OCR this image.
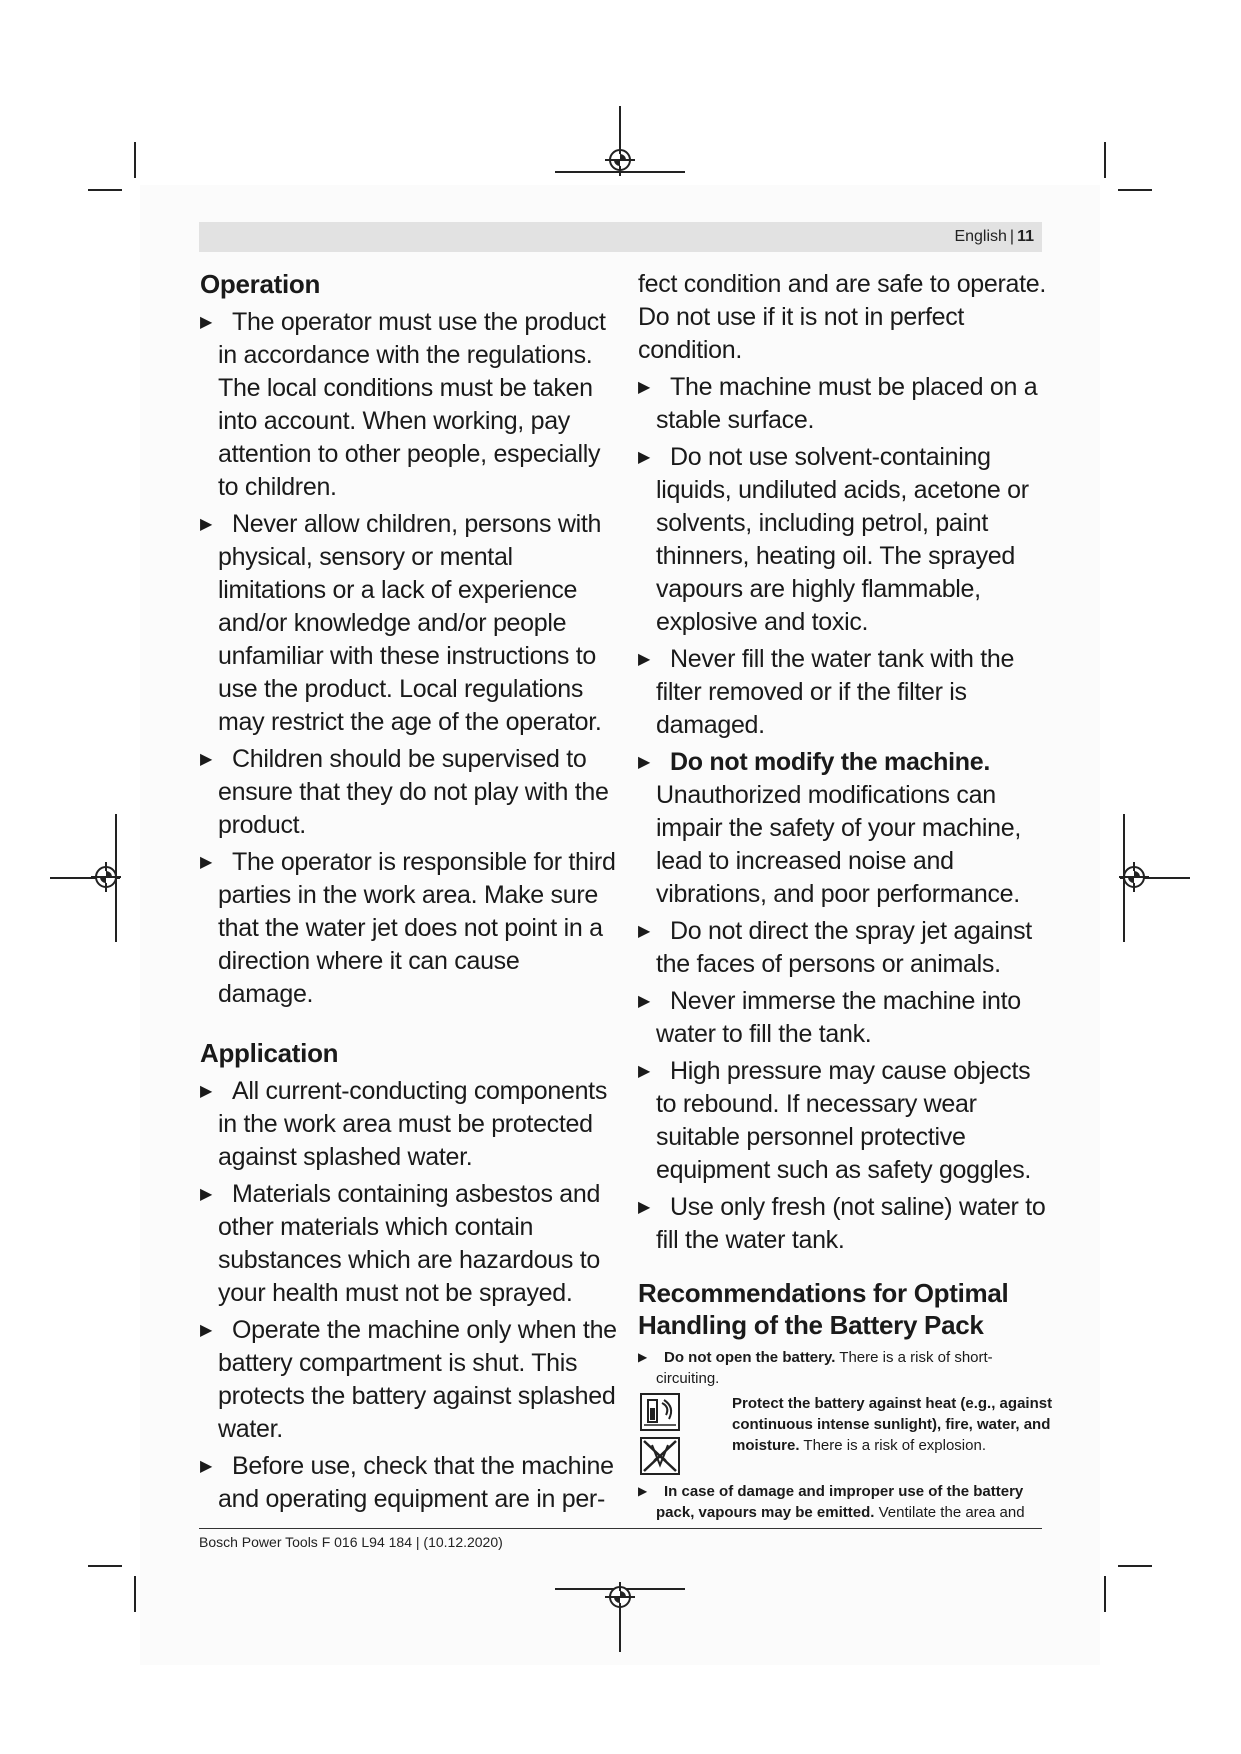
English | 11
Operation
▶ The operator must use the product in accordance with the regulations. The local conditions must be taken into account. When working, pay attention to other people, especially to children.
▶ Never allow children, persons with physical, sensory or mental limitations or a lack of experience and/or knowledge and/or people unfamiliar with these instructions to use the product. Local regulations may restrict the age of the operator.
▶ Children should be supervised to ensure that they do not play with the product.
▶ The operator is responsible for third parties in the work area. Make sure that the water jet does not point in a direction where it can cause damage.
Application
▶ All current-conducting components in the work area must be protected against splashed water.
▶ Materials containing asbestos and other materials which contain substances which are hazardous to your health must not be sprayed.
▶ Operate the machine only when the battery compartment is shut. This protects the battery against splashed water.
▶ Before use, check that the machine and operating equipment are in per-
fect condition and are safe to operate. Do not use if it is not in perfect condition.
▶ The machine must be placed on a stable surface.
▶ Do not use solvent-containing liquids, undiluted acids, acetone or solvents, including petrol, paint thinners, heating oil. The sprayed vapours are highly flammable, explosive and toxic.
▶ Never fill the water tank with the filter removed or if the filter is damaged.
▶ Do not modify the machine. Unauthorized modifications can impair the safety of your machine, lead to increased noise and vibrations, and poor performance.
▶ Do not direct the spray jet against the faces of persons or animals.
▶ Never immerse the machine into water to fill the tank.
▶ High pressure may cause objects to rebound. If necessary wear suitable personnel protective equipment such as safety goggles.
▶ Use only fresh (not saline) water to fill the water tank.
Recommendations for Optimal Handling of the Battery Pack
▶	Do not open the battery. There is a risk of short-circuiting.
Protect the battery against heat (e.g., against continuous intense sunlight), fire, water, and moisture. There is a risk of explosion.
▶	In case of damage and improper use of the battery pack, vapours may be emitted. Ventilate the area and
Bosch Power Tools F 016 L94 184 | (10.12.2020)
